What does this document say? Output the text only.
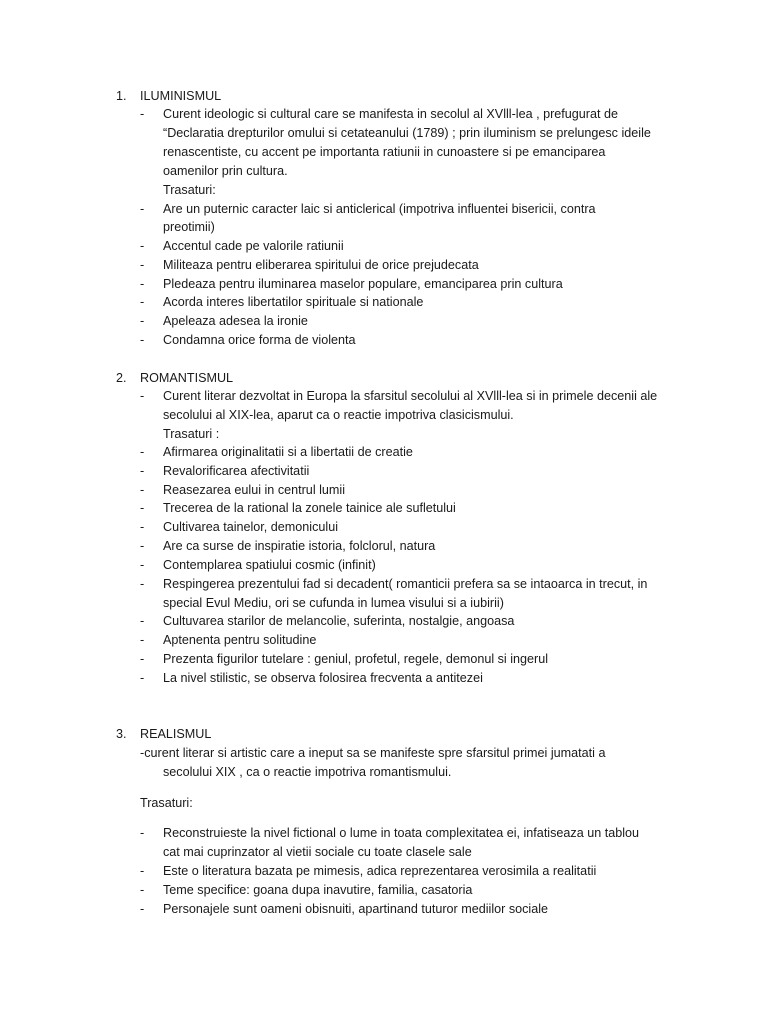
1. ILUMINISMUL
- Curent ideologic si cultural care se manifesta in secolul al XVlll-lea , prefugurat de
“Declaratia drepturilor omului si cetateanului (1789) ; prin iluminism se prelungesc ideile
renascentiste, cu accent pe importanta ratiunii in cunoastere si pe emanciparea
oamenilor prin cultura.
Trasaturi:
- Are un puternic caracter laic si anticlerical (impotriva influentei bisericii, contra
preotimii)
- Accentul cade pe valorile ratiunii
- Militeaza pentru eliberarea spiritului de orice prejudecata
- Pledeaza pentru iluminarea maselor populare, emanciparea prin cultura
- Acorda interes libertatilor spirituale si nationale
- Apeleaza adesea la ironie
- Condamna orice forma de violenta
2. ROMANTISMUL
- Curent literar dezvoltat in Europa la sfarsitul secolului al XVlll-lea si in primele decenii ale
secolului al XIX-lea, aparut ca o reactie impotriva clasicismului.
Trasaturi :
- Afirmarea originalitatii si a libertatii de creatie
- Revalorificarea afectivitatii
- Reasezarea eului in centrul lumii
- Trecerea de la rational la zonele tainice ale sufletului
- Cultivarea tainelor, demonicului
- Are ca surse de inspiratie istoria, folclorul, natura
- Contemplarea spatiului cosmic (infinit)
- Respingerea prezentului fad si decadent( romanticii prefera sa se intaoarca in trecut, in
special Evul Mediu, ori se cufunda in lumea visului si a iubirii)
- Cultuvarea starilor de melancolie, suferinta, nostalgie, angoasa
- Aptenenta pentru solitudine
- Prezenta figurilor tutelare : geniul, profetul, regele, demonul si ingerul
- La nivel stilistic, se observa folosirea frecventa a antitezei
3. REALISMUL
-curent literar si artistic care a ineput sa se manifeste spre sfarsitul primei jumatati a
secolului XIX , ca o reactie impotriva romantismului.
Trasaturi:
- Reconstruieste la nivel fictional o lume in toata complexitatea ei, infatiseaza un tablou
cat mai cuprinzator al vietii sociale cu toate clasele sale
- Este o literatura bazata pe mimesis, adica reprezentarea verosimila a realitatii
- Teme specifice: goana dupa inavutire, familia, casatoria
- Personajele sunt oameni obisnuiti, apartinand tuturor mediilor sociale
